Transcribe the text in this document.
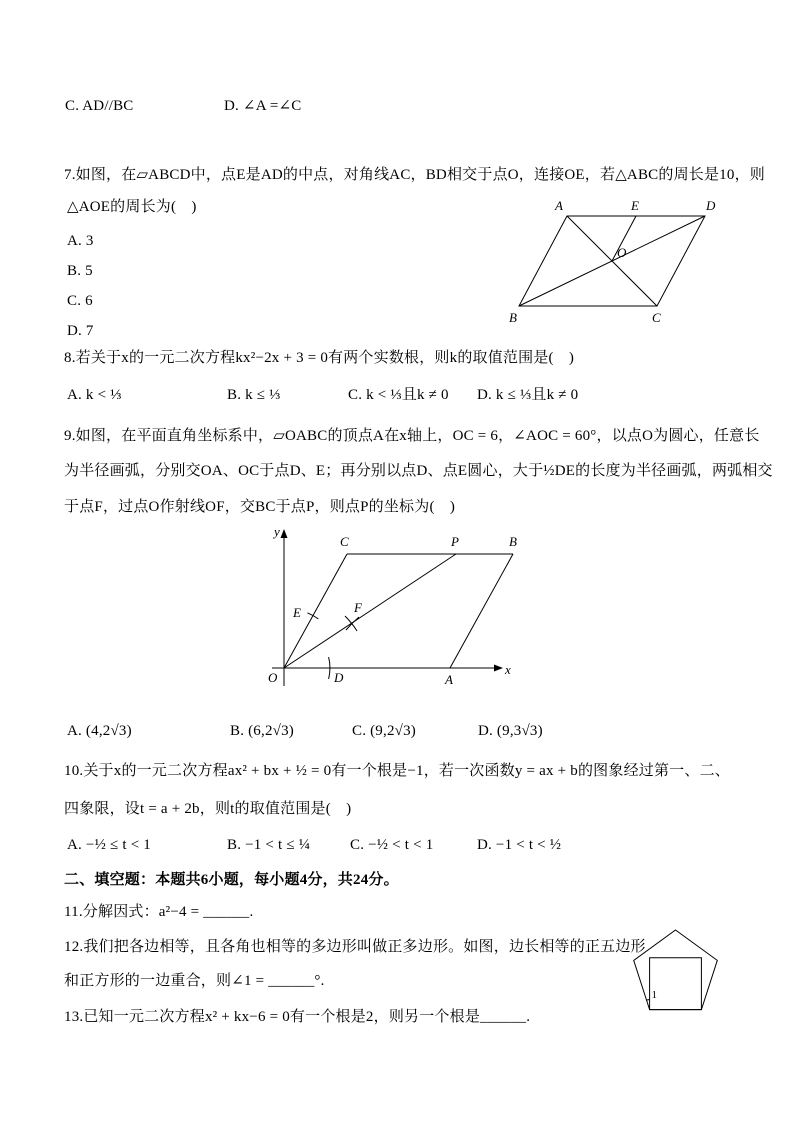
C. AD//BC	D. ∠A =∠C
7.如图，在▱ABCD中，点E是AD的中点，对角线AC，BD相交于点O，连接OE，若△ABC的周长是10，则
△AOE的周长为(　)
A. 3
B. 5
C. 6
D. 7
A	E	D
B	C
O
8.若关于x的一元二次方程kx²−2x + 3 = 0有两个实数根，则k的取值范围是(　)
A. k < ⅓	B. k ≤ ⅓	C. k < ⅓且k ≠ 0 D. k ≤ ⅓且k ≠ 0
9.如图，在平面直角坐标系中，▱OABC的顶点A在x轴上，OC = 6，∠AOC = 60°，以点O为圆心，任意长
为半径画弧，分别交OA、OC于点D、E；再分别以点D、点E圆心，大于½DE的长度为半径画弧，两弧相交
于点F，过点O作射线OF，交BC于点P，则点P的坐标为(　)
y
x
O
C	P	B
A
D
E	F
A. (4,2√3)	B. (6,2√3)	C. (9,2√3)	D. (9,3√3)
10.关于x的一元二次方程ax² + bx + ½ = 0有一个根是−1，若一次函数y = ax + b的图象经过第一、二、
四象限，设t = a + 2b，则t的取值范围是(　)
A. −½ ≤ t < 1	B. −1 < t ≤ ¼	C. −½ < t < 1	D. −1 < t < ½
二、填空题：本题共6小题，每小题4分，共24分。
11.分解因式：a²−4 = ______.
12.我们把各边相等，且各角也相等的多边形叫做正多边形。如图，边长相等的正五边形
和正方形的一边重合，则∠1 = ______°.
1
13.已知一元二次方程x² + kx−6 = 0有一个根是2，则另一个根是______.
